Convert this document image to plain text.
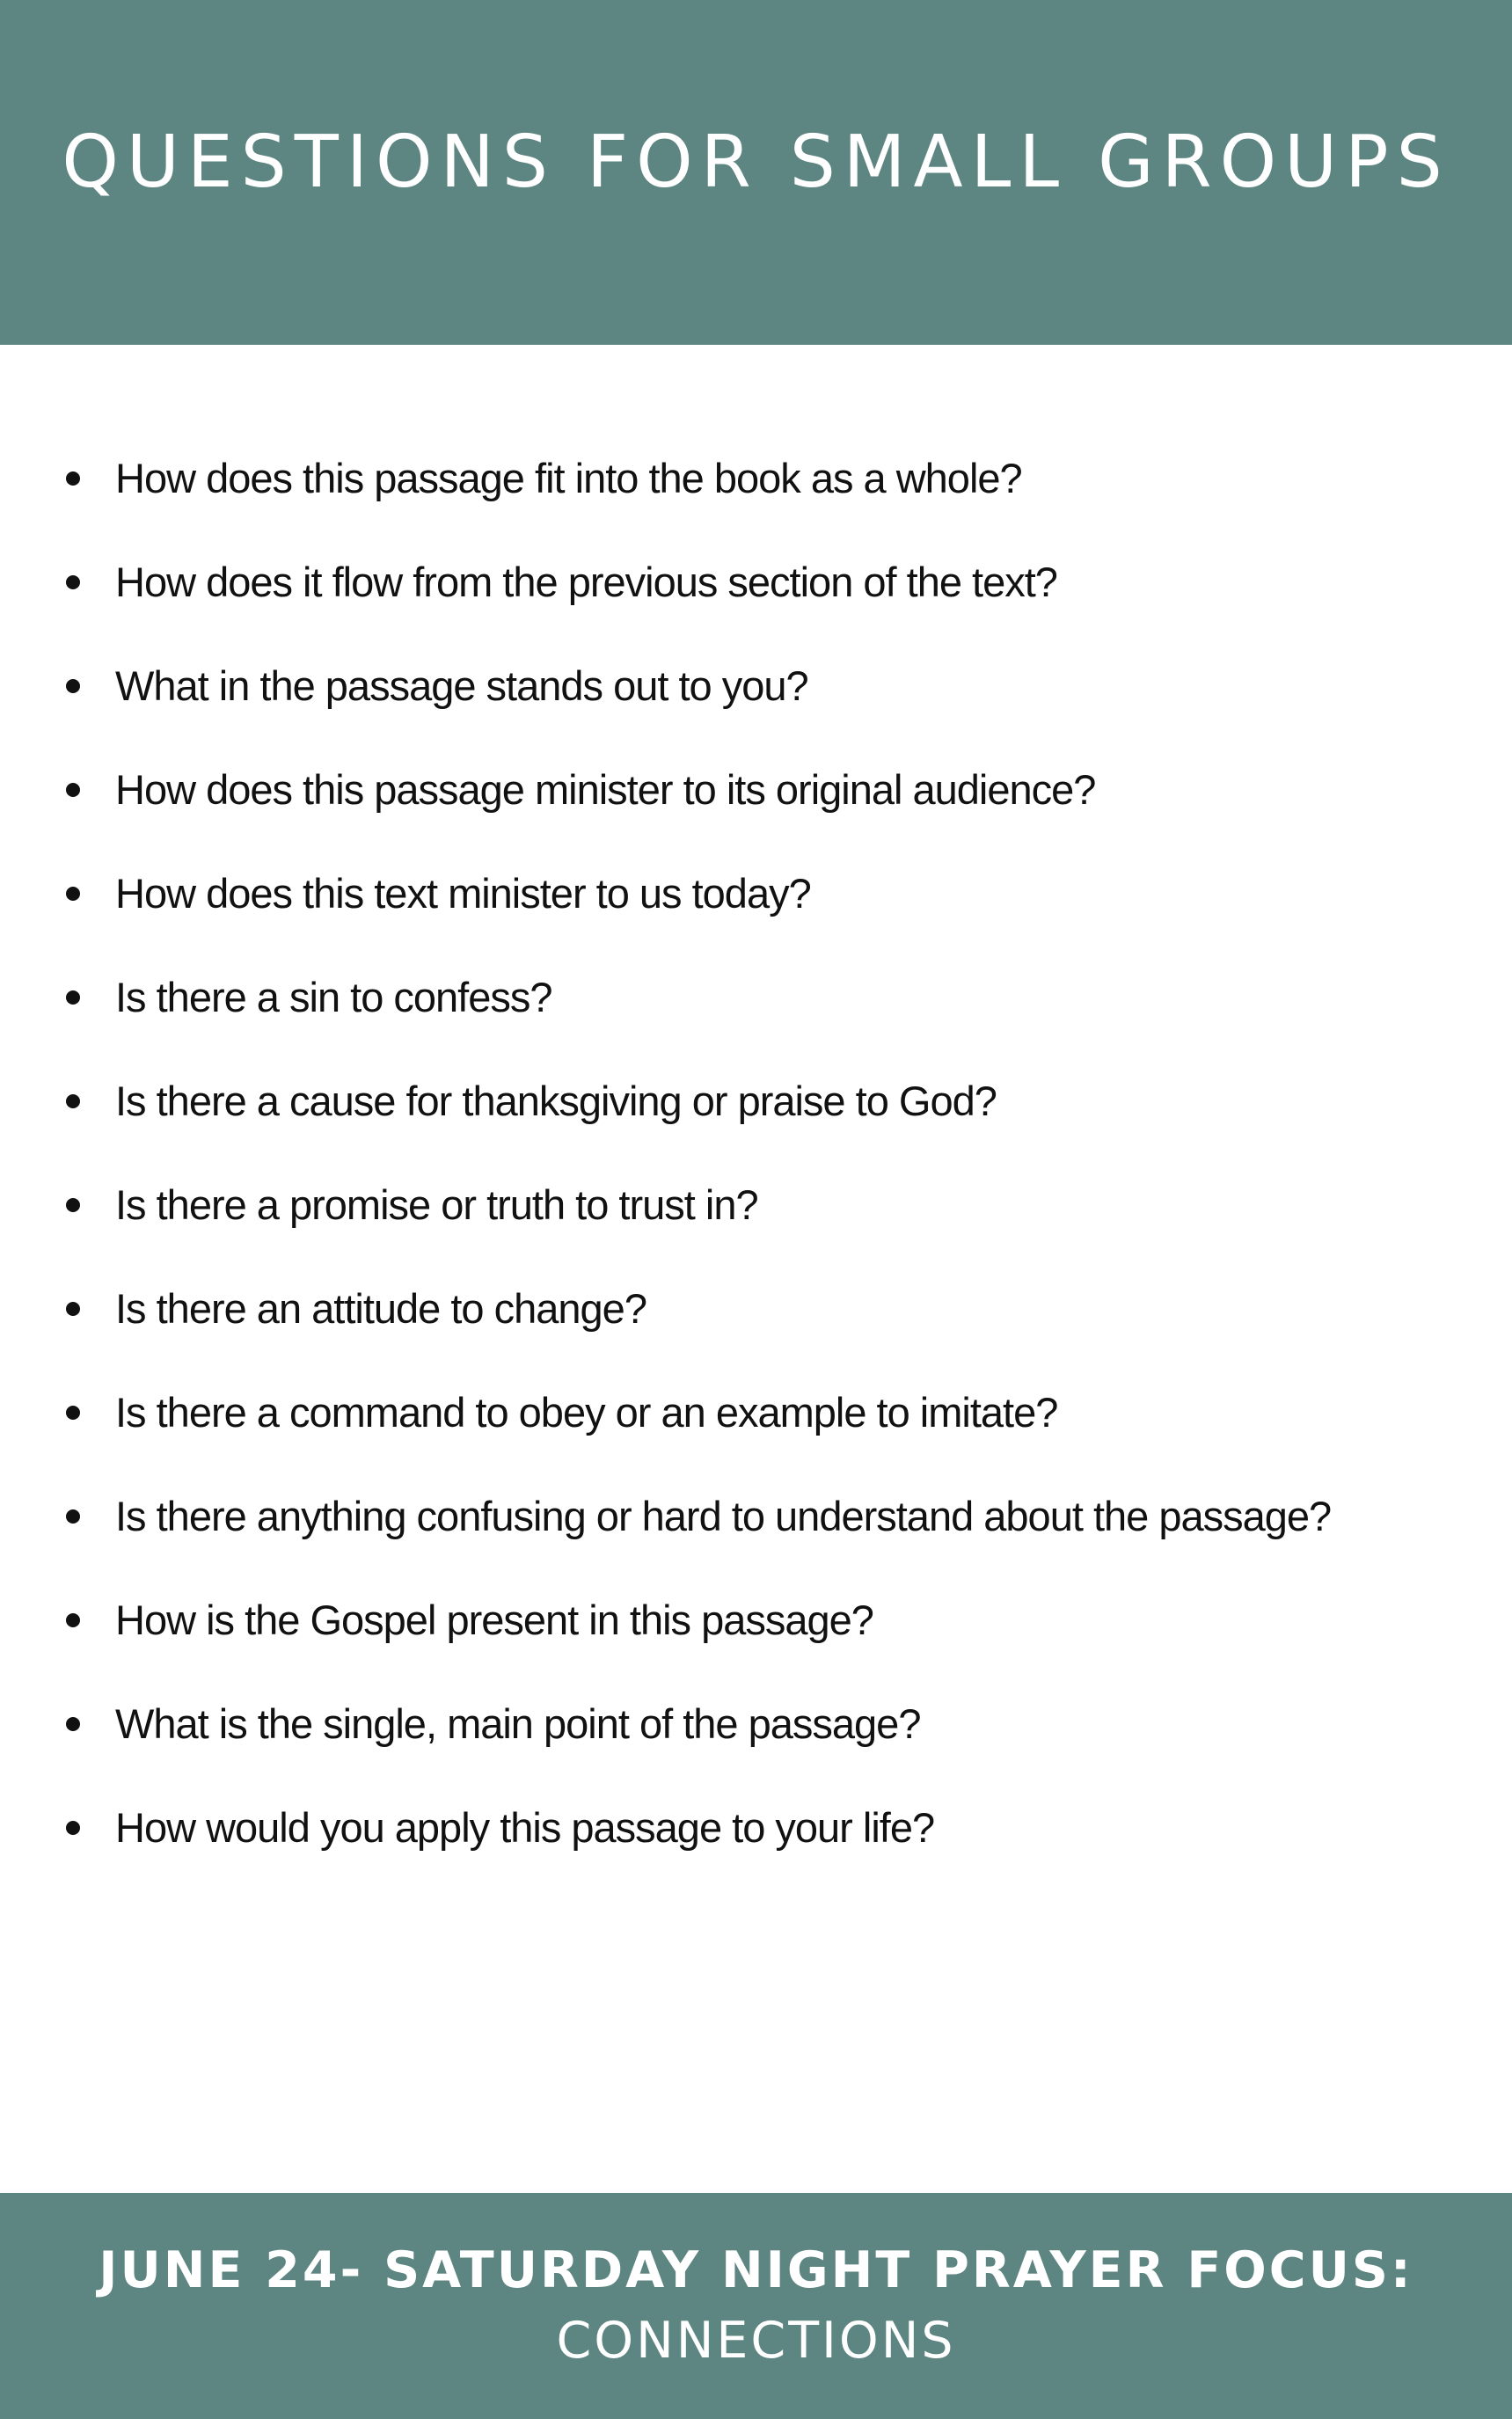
QUESTIONS FOR SMALL GROUPS
How does this passage fit into the book as a whole?
How does it flow from the previous section of the text?
What in the passage stands out to you?
How does this passage minister to its original audience?
How does this text minister to us today?
Is there a sin to confess?
Is there a cause for thanksgiving or praise to God?
Is there a promise or truth to trust in?
Is there an attitude to change?
Is there a command to obey or an example to imitate?
Is there anything confusing or hard to understand about the passage?
How is the Gospel present in this passage?
What is the single, main point of the passage?
How would you apply this passage to your life?
JUNE 24- SATURDAY NIGHT PRAYER FOCUS:
CONNECTIONS
